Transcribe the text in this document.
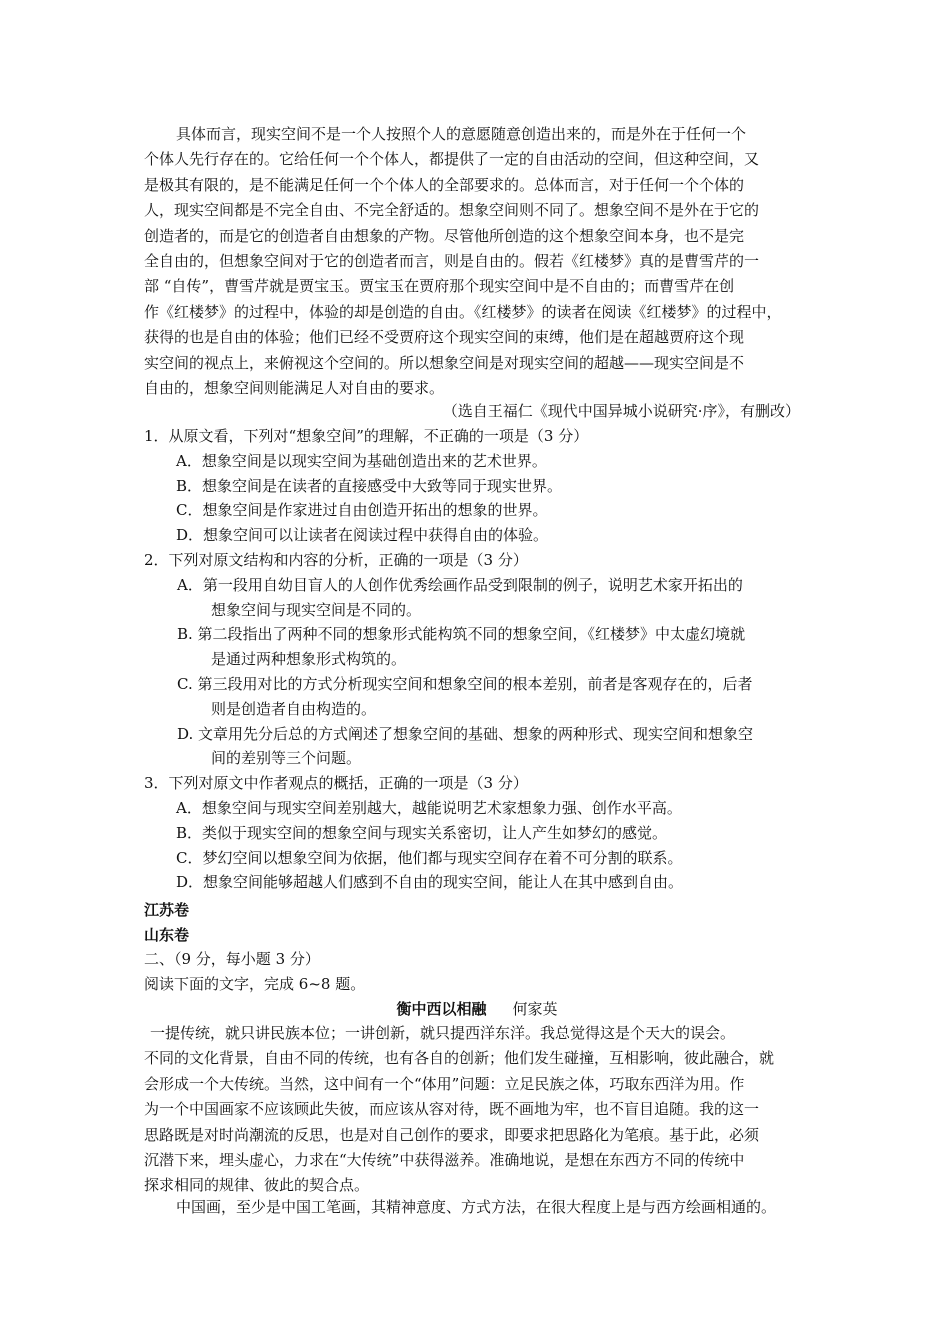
具体而言，现实空间不是一个人按照个人的意愿随意创造出来的，而是外在于任何一个
个体人先行存在的。它给任何一个个体人，都提供了一定的自由活动的空间，但这种空间，又
是极其有限的，是不能满足任何一个个体人的全部要求的。总体而言，对于任何一个个体的
人，现实空间都是不完全自由、不完全舒适的。想象空间则不同了。想象空间不是外在于它的
创造者的，而是它的创造者自由想象的产物。尽管他所创造的这个想象空间本身，也不是完
全自由的，但想象空间对于它的创造者而言，则是自由的。假若《红楼梦》真的是曹雪芹的一
部 “自传”，曹雪芹就是贾宝玉。贾宝玉在贾府那个现实空间中是不自由的；而曹雪芹在创
作《红楼梦》的过程中，体验的却是创造的自由。《红楼梦》的读者在阅读《红楼梦》的过程中，
获得的也是自由的体验；他们已经不受贾府这个现实空间的束缚，他们是在超越贾府这个现
实空间的视点上，来俯视这个空间的。所以想象空间是对现实空间的超越——现实空间是不
自由的，想象空间则能满足人对自由的要求。

（选自王福仁《现代中国异城小说研究·序》，有删改）
1．从原文看，下列对“想象空间”的理解，不正确的一项是（3 分）
A．想象空间是以现实空间为基础创造出来的艺术世界。
B．想象空间是在读者的直接感受中大致等同于现实世界。
C．想象空间是作家进过自由创造开拓出的想象的世界。
D．想象空间可以让读者在阅读过程中获得自由的体验。
2．下列对原文结构和内容的分析，正确的一项是（3 分）
A．第一段用自幼目盲人的人创作优秀绘画作品受到限制的例子，说明艺术家开拓出的
想象空间与现实空间是不同的。
B. 第二段指出了两种不同的想象形式能构筑不同的想象空间，《红楼梦》中太虚幻境就
是通过两种想象形式构筑的。
C. 第三段用对比的方式分析现实空间和想象空间的根本差别，前者是客观存在的，后者
则是创造者自由构造的。
D. 文章用先分后总的方式阐述了想象空间的基础、想象的两种形式、现实空间和想象空
间的差别等三个问题。
3．下列对原文中作者观点的概括，正确的一项是（3 分）
A．想象空间与现实空间差别越大，越能说明艺术家想象力强、创作水平高。
B．类似于现实空间的想象空间与现实关系密切，让人产生如梦幻的感觉。
C．梦幻空间以想象空间为依据，他们都与现实空间存在着不可分割的联系。
D．想象空间能够超越人们感到不自由的现实空间，能让人在其中感到自由。
江苏卷
山东卷
二、（9 分，每小题 3 分）
阅读下面的文字，完成 6~8 题。
衡中西以相融 何家英

一提传统，就只讲民族本位；一讲创新，就只提西洋东洋。我总觉得这是个天大的误会。
不同的文化背景，自由不同的传统，也有各自的创新；他们发生碰撞，互相影响，彼此融合，就
会形成一个大传统。当然，这中间有一个“体用”问题：立足民族之体，巧取东西洋为用。作
为一个中国画家不应该顾此失彼，而应该从容对待，既不画地为牢，也不盲目追随。我的这一
思路既是对时尚潮流的反思，也是对自己创作的要求，即要求把思路化为笔痕。基于此，必须
沉潜下来，埋头虚心，力求在“大传统”中获得滋养。准确地说，是想在东西方不同的传统中
探求相同的规律、彼此的契合点。

中国画，至少是中国工笔画，其精神意度、方式方法，在很大程度上是与西方绘画相通的。
